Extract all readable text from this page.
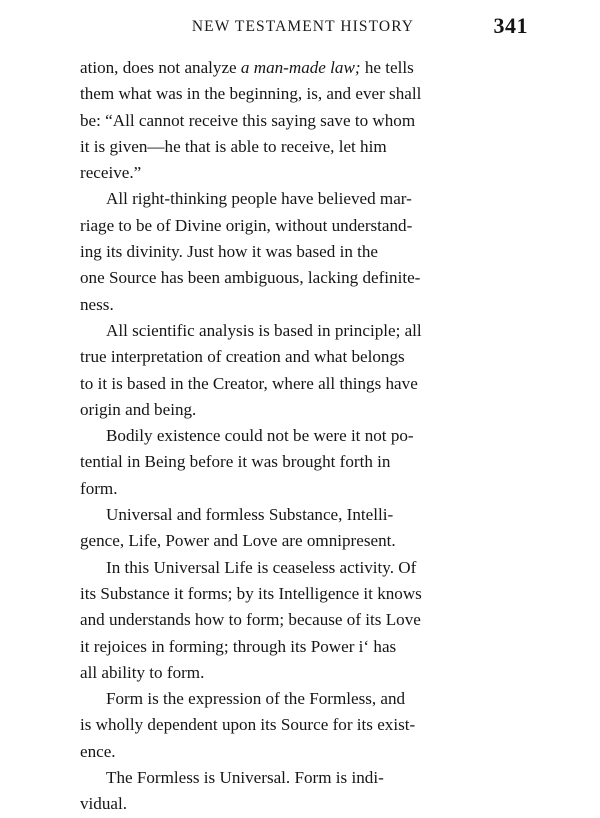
NEW TESTAMENT HISTORY	341

ation, does not analyze a man-made law; he tells
them what was in the beginning, is, and ever shall
be: “All cannot receive this saying save to whom
it is given—he that is able to receive, let him
receive.”

All right-thinking people have believed mar-
riage to be of Divine origin, without understand-
ing its divinity. Just how it was based in the
one Source has been ambiguous, lacking definite-
ness.

All scientific analysis is based in principle; all
true interpretation of creation and what belongs
to it is based in the Creator, where all things have
origin and being.

Bodily existence could not be were it not po-
tential in Being before it was brought forth in
form.

Universal and formless Substance, Intelli-
gence, Life, Power and Love are omnipresent.

In this Universal Life is ceaseless activity. Of
its Substance it forms; by its Intelligence it knows
and understands how to form; because of its Love
it rejoices in forming; through its Power i‘ has
all ability to form.

Form is the expression of the Formless, and
is wholly dependent upon its Source for its exist-
ence.

The Formless is Universal. Form is indi-
vidual.
